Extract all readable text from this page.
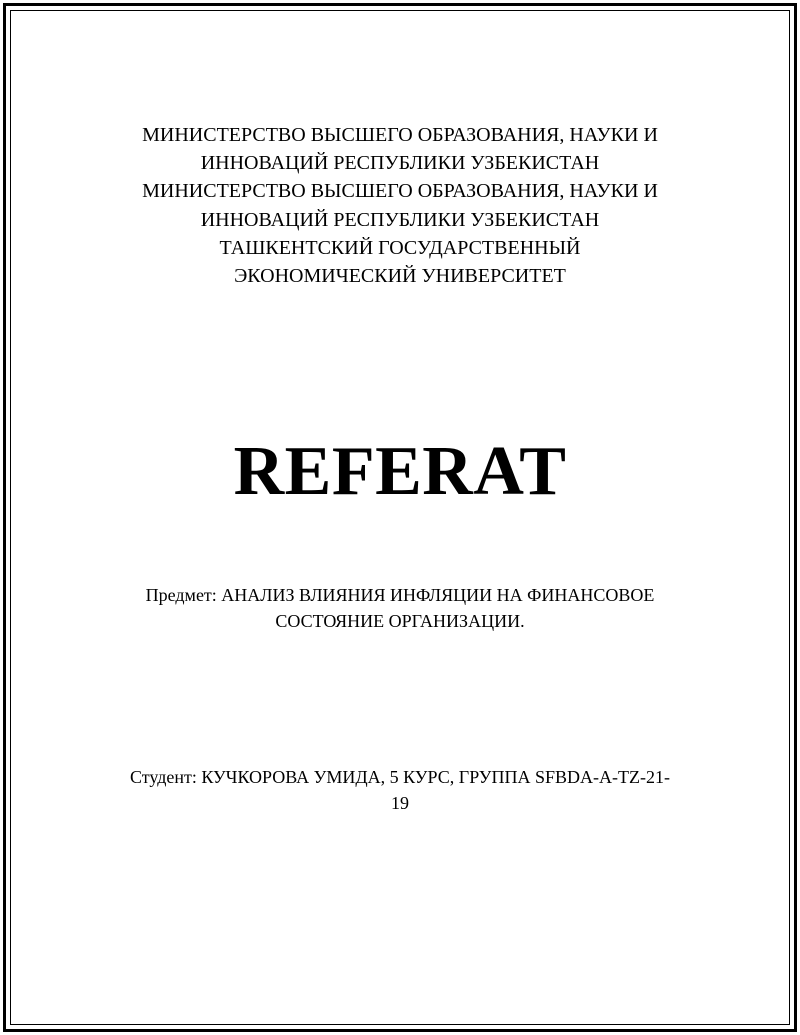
МИНИСТЕРСТВО ВЫСШЕГО ОБРАЗОВАНИЯ, НАУКИ И
ИННОВАЦИЙ РЕСПУБЛИКИ УЗБЕКИСТАН
МИНИСТЕРСТВО ВЫСШЕГО ОБРАЗОВАНИЯ, НАУКИ И
ИННОВАЦИЙ РЕСПУБЛИКИ УЗБЕКИСТАН
ТАШКЕНТСКИЙ ГОСУДАРСТВЕННЫЙ
ЭКОНОМИЧЕСКИЙ УНИВЕРСИТЕТ
REFERAT
Предмет: АНАЛИЗ ВЛИЯНИЯ ИНФЛЯЦИИ НА ФИНАНСОВОЕ
СОСТОЯНИЕ ОРГАНИЗАЦИИ.
Студент: КУЧКОРОВА УМИДА, 5 КУРС, ГРУППА SFBDA-A-TZ-21-
19
